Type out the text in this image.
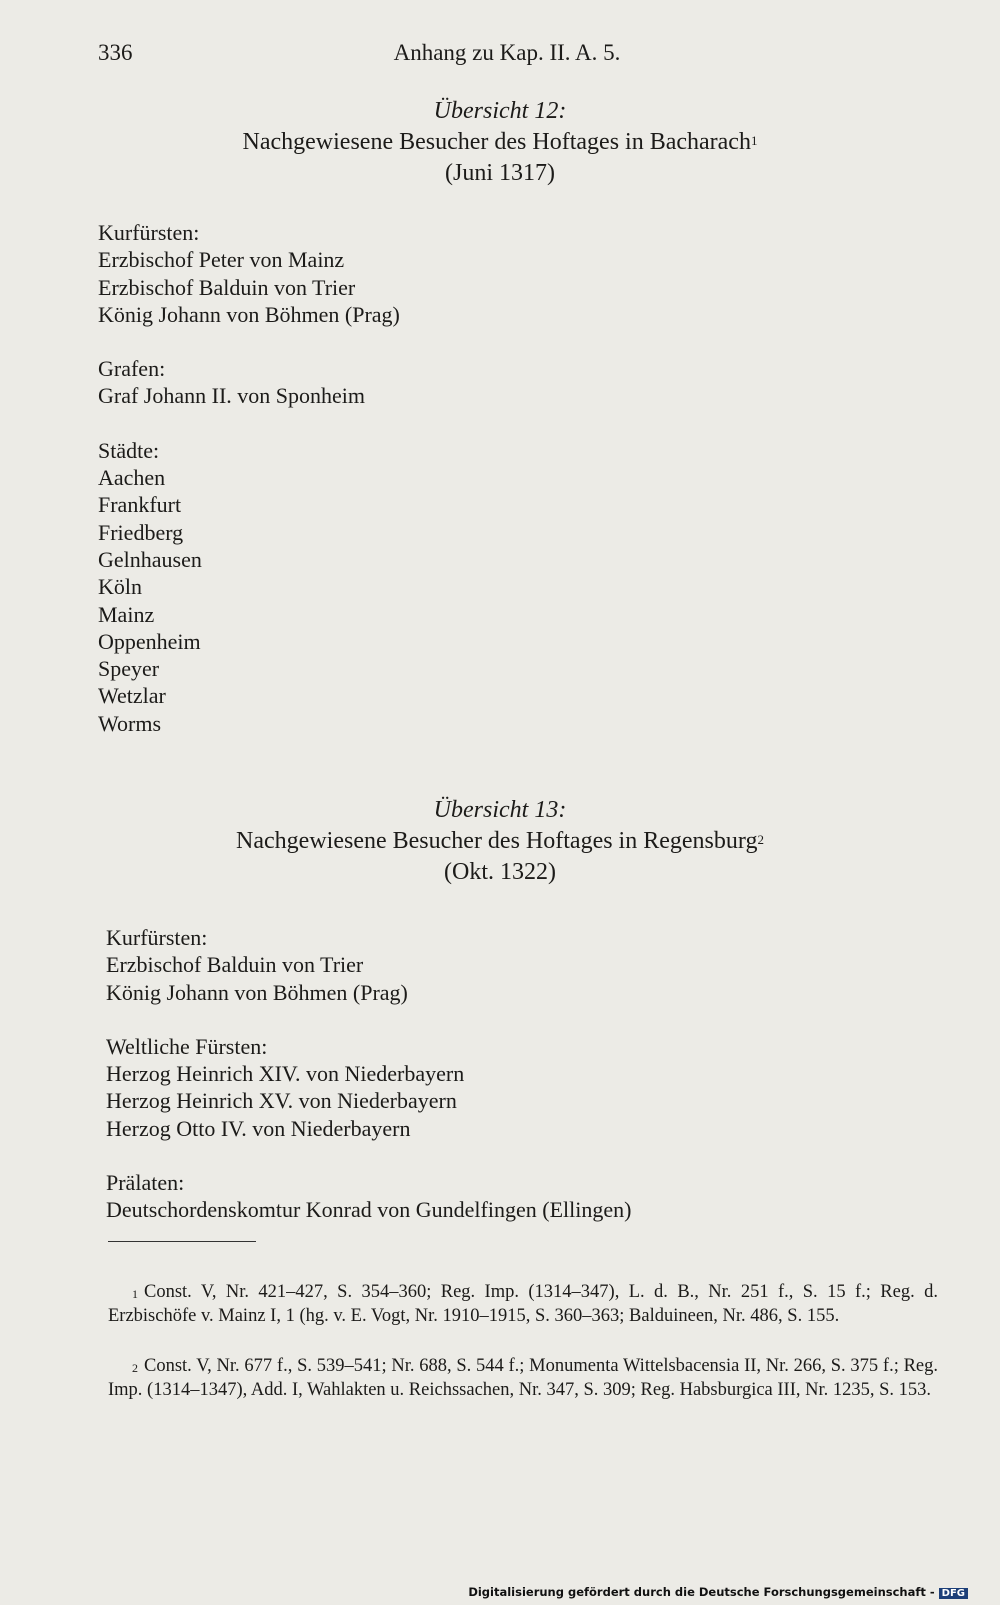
336	Anhang zu Kap. II. A. 5.
Übersicht 12:
Nachgewiesene Besucher des Hoftages in Bacharach$^1$
(Juni 1317)
Kurfürsten:
Erzbischof Peter von Mainz
Erzbischof Balduin von Trier
König Johann von Böhmen (Prag)
Grafen:
Graf Johann II. von Sponheim
Städte:
Aachen
Frankfurt
Friedberg
Gelnhausen
Köln
Mainz
Oppenheim
Speyer
Wetzlar
Worms
Übersicht 13:
Nachgewiesene Besucher des Hoftages in Regensburg$^2$
(Okt. 1322)
Kurfürsten:
Erzbischof Balduin von Trier
König Johann von Böhmen (Prag)
Weltliche Fürsten:
Herzog Heinrich XIV. von Niederbayern
Herzog Heinrich XV. von Niederbayern
Herzog Otto IV. von Niederbayern
Prälaten:
Deutschordenskomtur Konrad von Gundelfingen (Ellingen)

$^1$ Const. V, Nr. 421–427, S. 354–360; Reg. Imp. (1314–347), L. d. B., Nr. 251 f., S. 15 f.; Reg. d. Erzbischöfe v. Mainz I, 1 (hg. v. E. Vogt, Nr. 1910–1915, S. 360–363; Balduineen, Nr. 486, S. 155.

$^2$ Const. V, Nr. 677 f., S. 539–541; Nr. 688, S. 544 f.; Monumenta Wittelsbacensia II, Nr. 266, S. 375 f.; Reg. Imp. (1314–1347), Add. I, Wahlakten u. Reichssachen, Nr. 347, S. 309; Reg. Habsburgica III, Nr. 1235, S. 153.

Digitalisierung gefördert durch die Deutsche Forschungsgemeinschaft - DFG
